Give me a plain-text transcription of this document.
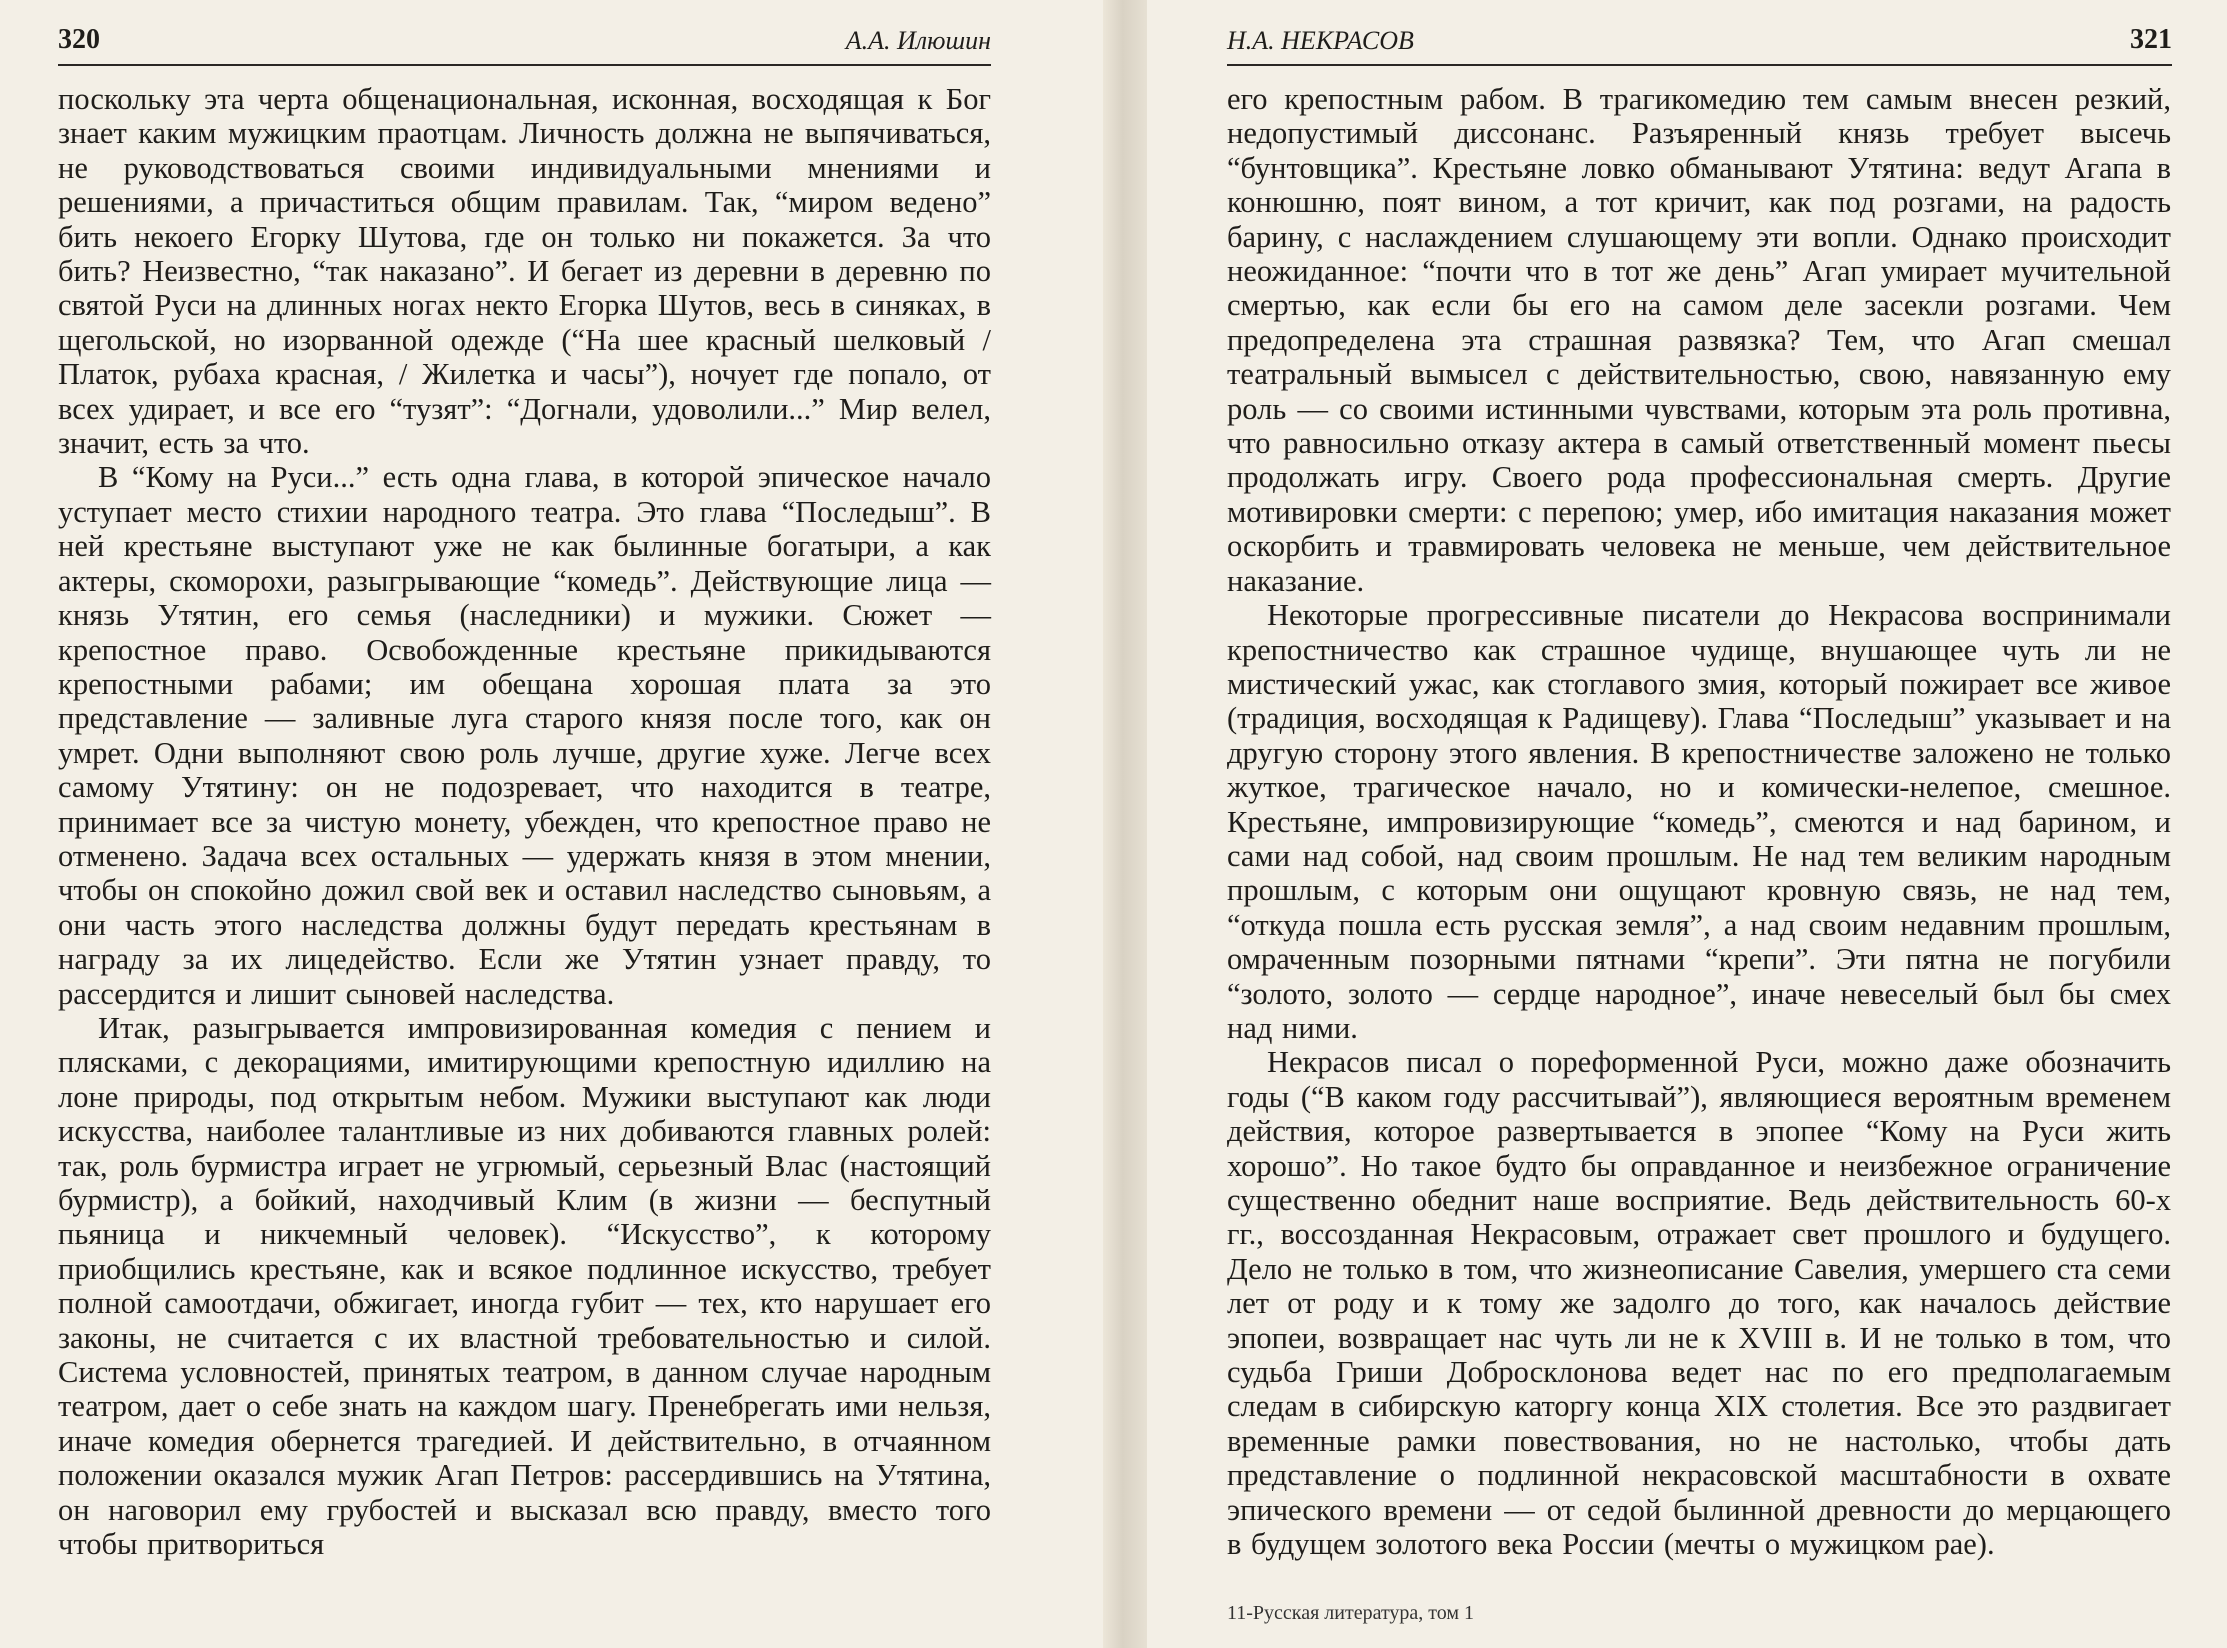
320	А.А. Илюшин

поскольку эта черта общенациональная, исконная, восходящая к Бог знает каким мужицким праотцам. Личность должна не выпячиваться, не руководствоваться своими индивидуальными мнениями и решениями, а причаститься общим правилам. Так, “миром ведено” бить некоего Егорку Шутова, где он только ни покажется. За что бить? Неизвестно, “так наказано”. И бегает из деревни в деревню по святой Руси на длинных ногах некто Егорка Шутов, весь в синяках, в щегольской, но изорванной одежде (“На шее красный шелковый / Платок, рубаха красная, / Жилетка и часы”), ночует где попало, от всех удирает, и все его “тузят”: “Догнали, удоволили...” Мир велел, значит, есть за что.

В “Кому на Руси...” есть одна глава, в которой эпическое начало уступает место стихии народного театра. Это глава “Последыш”. В ней крестьяне выступают уже не как былинные богатыри, а как актеры, скоморохи, разыгрывающие “комедь”. Действующие лица — князь Утятин, его семья (наследники) и мужики. Сюжет — крепостное право. Освобожденные крестьяне прикидываются крепостными рабами; им обещана хорошая плата за это представление — заливные луга старого князя после того, как он умрет. Одни выполняют свою роль лучше, другие хуже. Легче всех самому Утятину: он не подозревает, что находится в театре, принимает все за чистую монету, убежден, что крепостное право не отменено. Задача всех остальных — удержать князя в этом мнении, чтобы он спокойно дожил свой век и оставил наследство сыновьям, а они часть этого наследства должны будут передать крестьянам в награду за их лицедейство. Если же Утятин узнает правду, то рассердится и лишит сыновей наследства.

Итак, разыгрывается импровизированная комедия с пением и плясками, с декорациями, имитирующими крепостную идиллию на лоне природы, под открытым небом. Мужики выступают как люди искусства, наиболее талантливые из них добиваются главных ролей: так, роль бурмистра играет не угрюмый, серьезный Влас (настоящий бурмистр), а бойкий, находчивый Клим (в жизни — беспутный пьяница и никчемный человек). “Искусство”, к которому приобщились крестьяне, как и всякое подлинное искусство, требует полной самоотдачи, обжигает, иногда губит — тех, кто нарушает его законы, не считается с их властной требовательностью и силой. Система условностей, принятых театром, в данном случае народным театром, дает о себе знать на каждом шагу. Пренебрегать ими нельзя, иначе комедия обернется трагедией. И действительно, в отчаянном положении оказался мужик Агап Петров: рассердившись на Утятина, он наговорил ему грубостей и высказал всю правду, вместо того чтобы притвориться

Н.А. НЕКРАСОВ	321

его крепостным рабом. В трагикомедию тем самым внесен резкий, недопустимый диссонанс. Разъяренный князь требует высечь “бунтовщика”. Крестьяне ловко обманывают Утятина: ведут Агапа в конюшню, поят вином, а тот кричит, как под розгами, на радость барину, с наслаждением слушающему эти вопли. Однако происходит неожиданное: “почти что в тот же день” Агап умирает мучительной смертью, как если бы его на самом деле засекли розгами. Чем предопределена эта страшная развязка? Тем, что Агап смешал театральный вымысел с действительностью, свою, навязанную ему роль — со своими истинными чувствами, которым эта роль противна, что равносильно отказу актера в самый ответственный момент пьесы продолжать игру. Своего рода профессиональная смерть. Другие мотивировки смерти: с перепою; умер, ибо имитация наказания может оскорбить и травмировать человека не меньше, чем действительное наказание.

Некоторые прогрессивные писатели до Некрасова воспринимали крепостничество как страшное чудище, внушающее чуть ли не мистический ужас, как стоглавого змия, который пожирает все живое (традиция, восходящая к Радищеву). Глава “Последыш” указывает и на другую сторону этого явления. В крепостничестве заложено не только жуткое, трагическое начало, но и комически-нелепое, смешное. Крестьяне, импровизирующие “комедь”, смеются и над барином, и сами над собой, над своим прошлым. Не над тем великим народным прошлым, с которым они ощущают кровную связь, не над тем, “откуда пошла есть русская земля”, а над своим недавним прошлым, омраченным позорными пятнами “крепи”. Эти пятна не погубили “золото, золото — сердце народное”, иначе невеселый был бы смех над ними.

Некрасов писал о пореформенной Руси, можно даже обозначить годы (“В каком году рассчитывай”), являющиеся вероятным временем действия, которое развертывается в эпопее “Кому на Руси жить хорошо”. Но такое будто бы оправданное и неизбежное ограничение существенно обеднит наше восприятие. Ведь действительность 60-х гг., воссозданная Некрасовым, отражает свет прошлого и будущего. Дело не только в том, что жизнеописание Савелия, умершего ста семи лет от роду и к тому же задолго до того, как началось действие эпопеи, возвращает нас чуть ли не к XVIII в. И не только в том, что судьба Гриши Добросклонова ведет нас по его предполагаемым следам в сибирскую каторгу конца XIX столетия. Все это раздвигает временные рамки повествования, но не настолько, чтобы дать представление о подлинной некрасовской масштабности в охвате эпического времени — от седой былинной древности до мерцающего в будущем золотого века России (мечты о мужицком рае).

11-Русская литература, том 1
